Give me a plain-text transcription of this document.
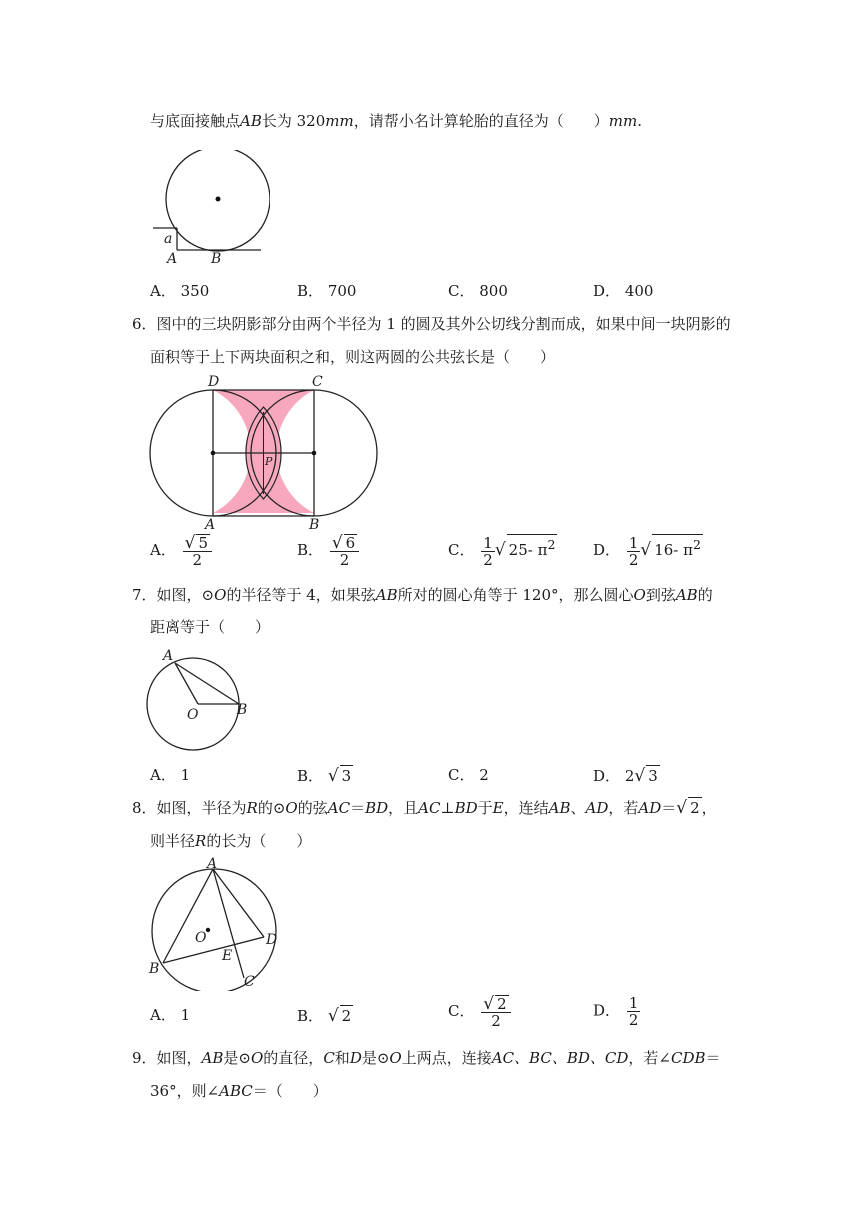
与底面接触点AB长为 320mm，请帮小名计算轮胎的直径为（　　）mm.
a
A B
A． 350	B． 700	C． 800	D． 400
6．图中的三块阴影部分由两个半径为 1 的圆及其外公切线分割而成，如果中间一块阴影的
面积等于上下两块面积之和，则这两圆的公共弦长是（　　）
D	C
A	B
P
A． $\frac{√ 5}{2}$	B． $\frac{√ 6}{2}$	C． $\frac{1}{2}$ √ 25- $\pi^2$	D． $\frac{1}{2}$ √ 16- $\pi^2$
7．如图，⊙O的半径等于 4，如果弦AB所对的圆心角等于 120°，那么圆心O到弦AB的
距离等于（　　）
A
O	B
A． 1	B． √ 3	C． 2	D． 2√ 3
8．如图，半径为R的⊙O的弦AC＝BD，且AC⊥BD于E，连结AB、AD，若AD＝√ 2 ，
则半径R的长为（　　）
A
O
B
E
C
D
A． 1	B． √ 2	C． $\frac{√ 2}{2}$	D． $\frac{1}{2}$
9．如图，AB是⊙O的直径，C和D是⊙O上两点，连接AC、BC、BD、CD，若∠CDB＝
36°，则∠ABC＝（　　）
